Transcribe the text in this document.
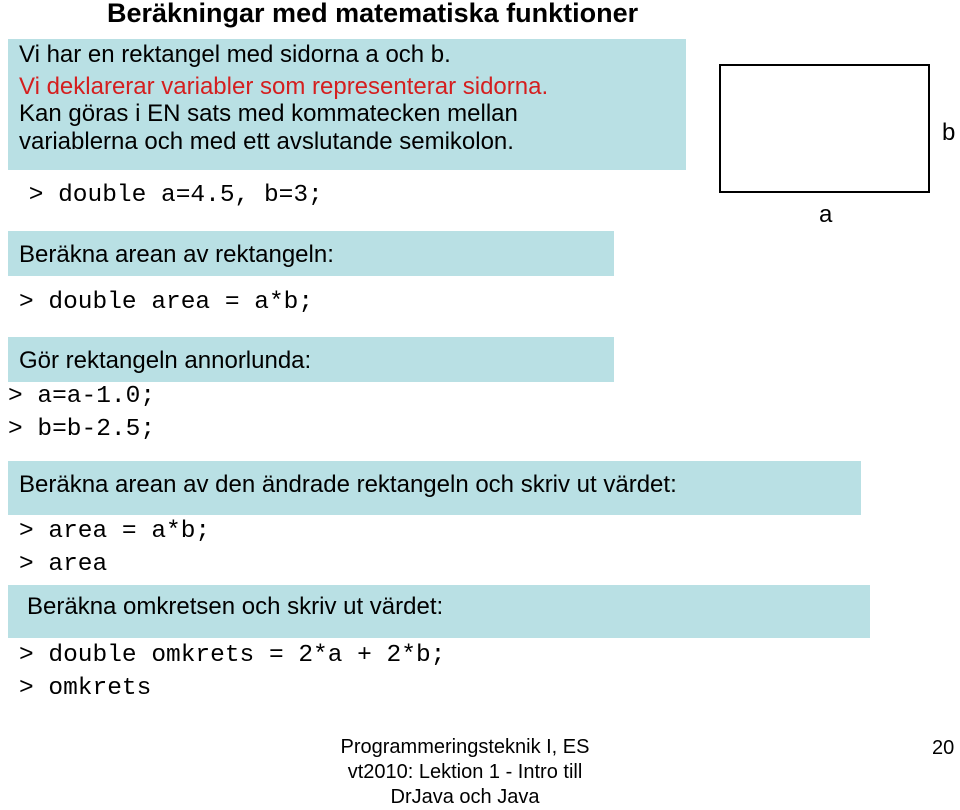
Beräkningar med matematiska funktioner
Vi har en rektangel med sidorna a och b.
Vi deklarerar variabler som representerar sidorna.
Kan göras i EN sats med kommatecken mellan
variablerna och med ett avslutande semikolon.
> double a=4.5, b=3;
Beräkna arean av rektangeln:
> double area = a*b;
Gör rektangeln annorlunda:
> a=a-1.0;
> b=b-2.5;
Beräkna arean av den ändrade rektangeln och skriv ut värdet:
> area = a*b;
> area
Beräkna omkretsen och skriv ut värdet:
> double omkrets = 2*a + 2*b;
> omkrets
a
b
Programmeringsteknik I, ES
vt2010: Lektion 1 - Intro till
DrJava och Java
20
